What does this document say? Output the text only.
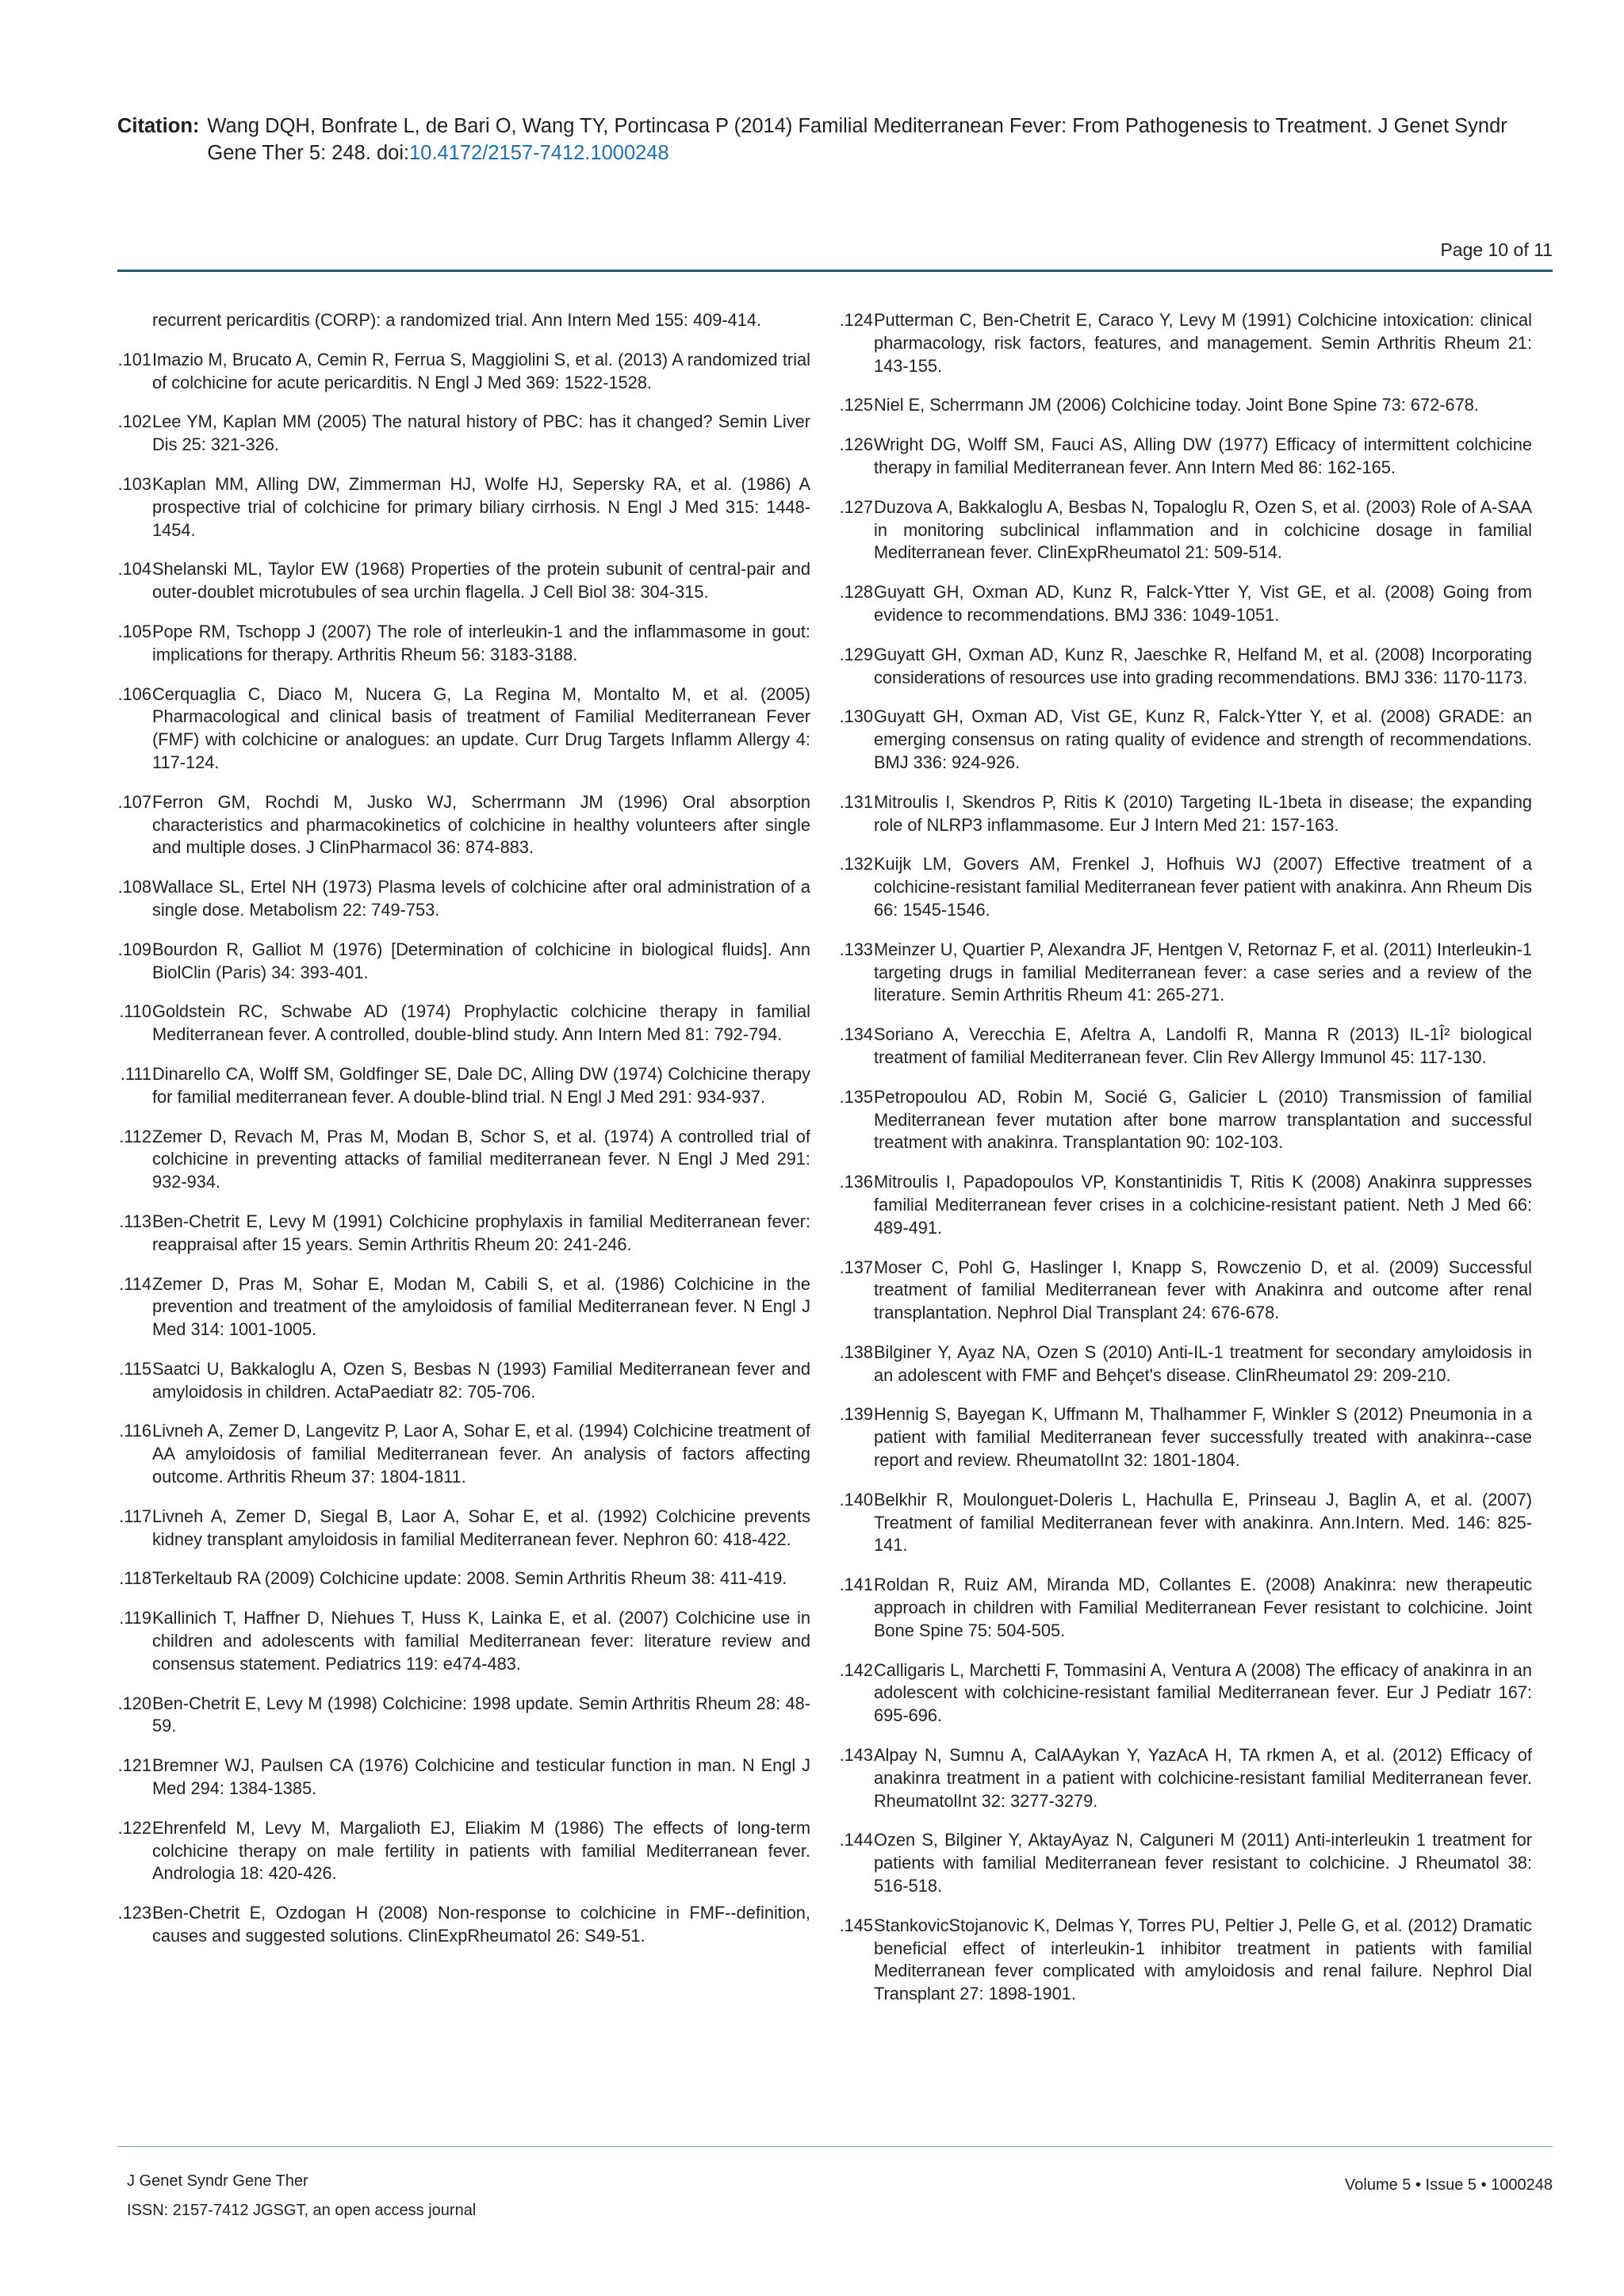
Citation: Wang DQH, Bonfrate L, de Bari O, Wang TY, Portincasa P (2014) Familial Mediterranean Fever: From Pathogenesis to Treatment. J Genet Syndr Gene Ther 5: 248. doi:10.4172/2157-7412.1000248
Page 10 of 11
recurrent pericarditis (CORP): a randomized trial. Ann Intern Med 155: 409-414.
101. Imazio M, Brucato A, Cemin R, Ferrua S, Maggiolini S, et al. (2013) A randomized trial of colchicine for acute pericarditis. N Engl J Med 369: 1522-1528.
102. Lee YM, Kaplan MM (2005) The natural history of PBC: has it changed? Semin Liver Dis 25: 321-326.
103. Kaplan MM, Alling DW, Zimmerman HJ, Wolfe HJ, Sepersky RA, et al. (1986) A prospective trial of colchicine for primary biliary cirrhosis. N Engl J Med 315: 1448-1454.
104. Shelanski ML, Taylor EW (1968) Properties of the protein subunit of central-pair and outer-doublet microtubules of sea urchin flagella. J Cell Biol 38: 304-315.
105. Pope RM, Tschopp J (2007) The role of interleukin-1 and the inflammasome in gout: implications for therapy. Arthritis Rheum 56: 3183-3188.
106. Cerquaglia C, Diaco M, Nucera G, La Regina M, Montalto M, et al. (2005) Pharmacological and clinical basis of treatment of Familial Mediterranean Fever (FMF) with colchicine or analogues: an update. Curr Drug Targets Inflamm Allergy 4: 117-124.
107. Ferron GM, Rochdi M, Jusko WJ, Scherrmann JM (1996) Oral absorption characteristics and pharmacokinetics of colchicine in healthy volunteers after single and multiple doses. J ClinPharmacol 36: 874-883.
108. Wallace SL, Ertel NH (1973) Plasma levels of colchicine after oral administration of a single dose. Metabolism 22: 749-753.
109. Bourdon R, Galliot M (1976) [Determination of colchicine in biological fluids]. Ann BiolClin (Paris) 34: 393-401.
110. Goldstein RC, Schwabe AD (1974) Prophylactic colchicine therapy in familial Mediterranean fever. A controlled, double-blind study. Ann Intern Med 81: 792-794.
111. Dinarello CA, Wolff SM, Goldfinger SE, Dale DC, Alling DW (1974) Colchicine therapy for familial mediterranean fever. A double-blind trial. N Engl J Med 291: 934-937.
112. Zemer D, Revach M, Pras M, Modan B, Schor S, et al. (1974) A controlled trial of colchicine in preventing attacks of familial mediterranean fever. N Engl J Med 291: 932-934.
113. Ben-Chetrit E, Levy M (1991) Colchicine prophylaxis in familial Mediterranean fever: reappraisal after 15 years. Semin Arthritis Rheum 20: 241-246.
114. Zemer D, Pras M, Sohar E, Modan M, Cabili S, et al. (1986) Colchicine in the prevention and treatment of the amyloidosis of familial Mediterranean fever. N Engl J Med 314: 1001-1005.
115. Saatci U, Bakkaloglu A, Ozen S, Besbas N (1993) Familial Mediterranean fever and amyloidosis in children. ActaPaediatr 82: 705-706.
116. Livneh A, Zemer D, Langevitz P, Laor A, Sohar E, et al. (1994) Colchicine treatment of AA amyloidosis of familial Mediterranean fever. An analysis of factors affecting outcome. Arthritis Rheum 37: 1804-1811.
117. Livneh A, Zemer D, Siegal B, Laor A, Sohar E, et al. (1992) Colchicine prevents kidney transplant amyloidosis in familial Mediterranean fever. Nephron 60: 418-422.
118. Terkeltaub RA (2009) Colchicine update: 2008. Semin Arthritis Rheum 38: 411-419.
119. Kallinich T, Haffner D, Niehues T, Huss K, Lainka E, et al. (2007) Colchicine use in children and adolescents with familial Mediterranean fever: literature review and consensus statement. Pediatrics 119: e474-483.
120. Ben-Chetrit E, Levy M (1998) Colchicine: 1998 update. Semin Arthritis Rheum 28: 48-59.
121. Bremner WJ, Paulsen CA (1976) Colchicine and testicular function in man. N Engl J Med 294: 1384-1385.
122. Ehrenfeld M, Levy M, Margalioth EJ, Eliakim M (1986) The effects of long-term colchicine therapy on male fertility in patients with familial Mediterranean fever. Andrologia 18: 420-426.
123. Ben-Chetrit E, Ozdogan H (2008) Non-response to colchicine in FMF--definition, causes and suggested solutions. ClinExpRheumatol 26: S49-51.
124. Putterman C, Ben-Chetrit E, Caraco Y, Levy M (1991) Colchicine intoxication: clinical pharmacology, risk factors, features, and management. Semin Arthritis Rheum 21: 143-155.
125. Niel E, Scherrmann JM (2006) Colchicine today. Joint Bone Spine 73: 672-678.
126. Wright DG, Wolff SM, Fauci AS, Alling DW (1977) Efficacy of intermittent colchicine therapy in familial Mediterranean fever. Ann Intern Med 86: 162-165.
127. Duzova A, Bakkaloglu A, Besbas N, Topaloglu R, Ozen S, et al. (2003) Role of A-SAA in monitoring subclinical inflammation and in colchicine dosage in familial Mediterranean fever. ClinExpRheumatol 21: 509-514.
128. Guyatt GH, Oxman AD, Kunz R, Falck-Ytter Y, Vist GE, et al. (2008) Going from evidence to recommendations. BMJ 336: 1049-1051.
129. Guyatt GH, Oxman AD, Kunz R, Jaeschke R, Helfand M, et al. (2008) Incorporating considerations of resources use into grading recommendations. BMJ 336: 1170-1173.
130. Guyatt GH, Oxman AD, Vist GE, Kunz R, Falck-Ytter Y, et al. (2008) GRADE: an emerging consensus on rating quality of evidence and strength of recommendations. BMJ 336: 924-926.
131. Mitroulis I, Skendros P, Ritis K (2010) Targeting IL-1beta in disease; the expanding role of NLRP3 inflammasome. Eur J Intern Med 21: 157-163.
132. Kuijk LM, Govers AM, Frenkel J, Hofhuis WJ (2007) Effective treatment of a colchicine-resistant familial Mediterranean fever patient with anakinra. Ann Rheum Dis 66: 1545-1546.
133. Meinzer U, Quartier P, Alexandra JF, Hentgen V, Retornaz F, et al. (2011) Interleukin-1 targeting drugs in familial Mediterranean fever: a case series and a review of the literature. Semin Arthritis Rheum 41: 265-271.
134. Soriano A, Verecchia E, Afeltra A, Landolfi R, Manna R (2013) IL-1Î² biological treatment of familial Mediterranean fever. Clin Rev Allergy Immunol 45: 117-130.
135. Petropoulou AD, Robin M, Socié G, Galicier L (2010) Transmission of familial Mediterranean fever mutation after bone marrow transplantation and successful treatment with anakinra. Transplantation 90: 102-103.
136. Mitroulis I, Papadopoulos VP, Konstantinidis T, Ritis K (2008) Anakinra suppresses familial Mediterranean fever crises in a colchicine-resistant patient. Neth J Med 66: 489-491.
137. Moser C, Pohl G, Haslinger I, Knapp S, Rowczenio D, et al. (2009) Successful treatment of familial Mediterranean fever with Anakinra and outcome after renal transplantation. Nephrol Dial Transplant 24: 676-678.
138. Bilginer Y, Ayaz NA, Ozen S (2010) Anti-IL-1 treatment for secondary amyloidosis in an adolescent with FMF and Behçet's disease. ClinRheumatol 29: 209-210.
139. Hennig S, Bayegan K, Uffmann M, Thalhammer F, Winkler S (2012) Pneumonia in a patient with familial Mediterranean fever successfully treated with anakinra--case report and review. RheumatolInt 32: 1801-1804.
140. Belkhir R, Moulonguet-Doleris L, Hachulla E, Prinseau J, Baglin A, et al. (2007) Treatment of familial Mediterranean fever with anakinra. Ann.Intern. Med. 146: 825-141.
141. Roldan R, Ruiz AM, Miranda MD, Collantes E. (2008) Anakinra: new therapeutic approach in children with Familial Mediterranean Fever resistant to colchicine. Joint Bone Spine 75: 504-505.
142. Calligaris L, Marchetti F, Tommasini A, Ventura A (2008) The efficacy of anakinra in an adolescent with colchicine-resistant familial Mediterranean fever. Eur J Pediatr 167: 695-696.
143. Alpay N, Sumnu A, CalAAykan Y, YazAcA H, TA rkmen A, et al. (2012) Efficacy of anakinra treatment in a patient with colchicine-resistant familial Mediterranean fever. RheumatolInt 32: 3277-3279.
144. Ozen S, Bilginer Y, AktayAyaz N, Calguneri M (2011) Anti-interleukin 1 treatment for patients with familial Mediterranean fever resistant to colchicine. J Rheumatol 38: 516-518.
145. StankovicStojanovic K, Delmas Y, Torres PU, Peltier J, Pelle G, et al. (2012) Dramatic beneficial effect of interleukin-1 inhibitor treatment in patients with familial Mediterranean fever complicated with amyloidosis and renal failure. Nephrol Dial Transplant 27: 1898-1901.
J Genet Syndr Gene Ther
ISSN: 2157-7412 JGSGT, an open access journal
Volume 5 • Issue 5 • 1000248
